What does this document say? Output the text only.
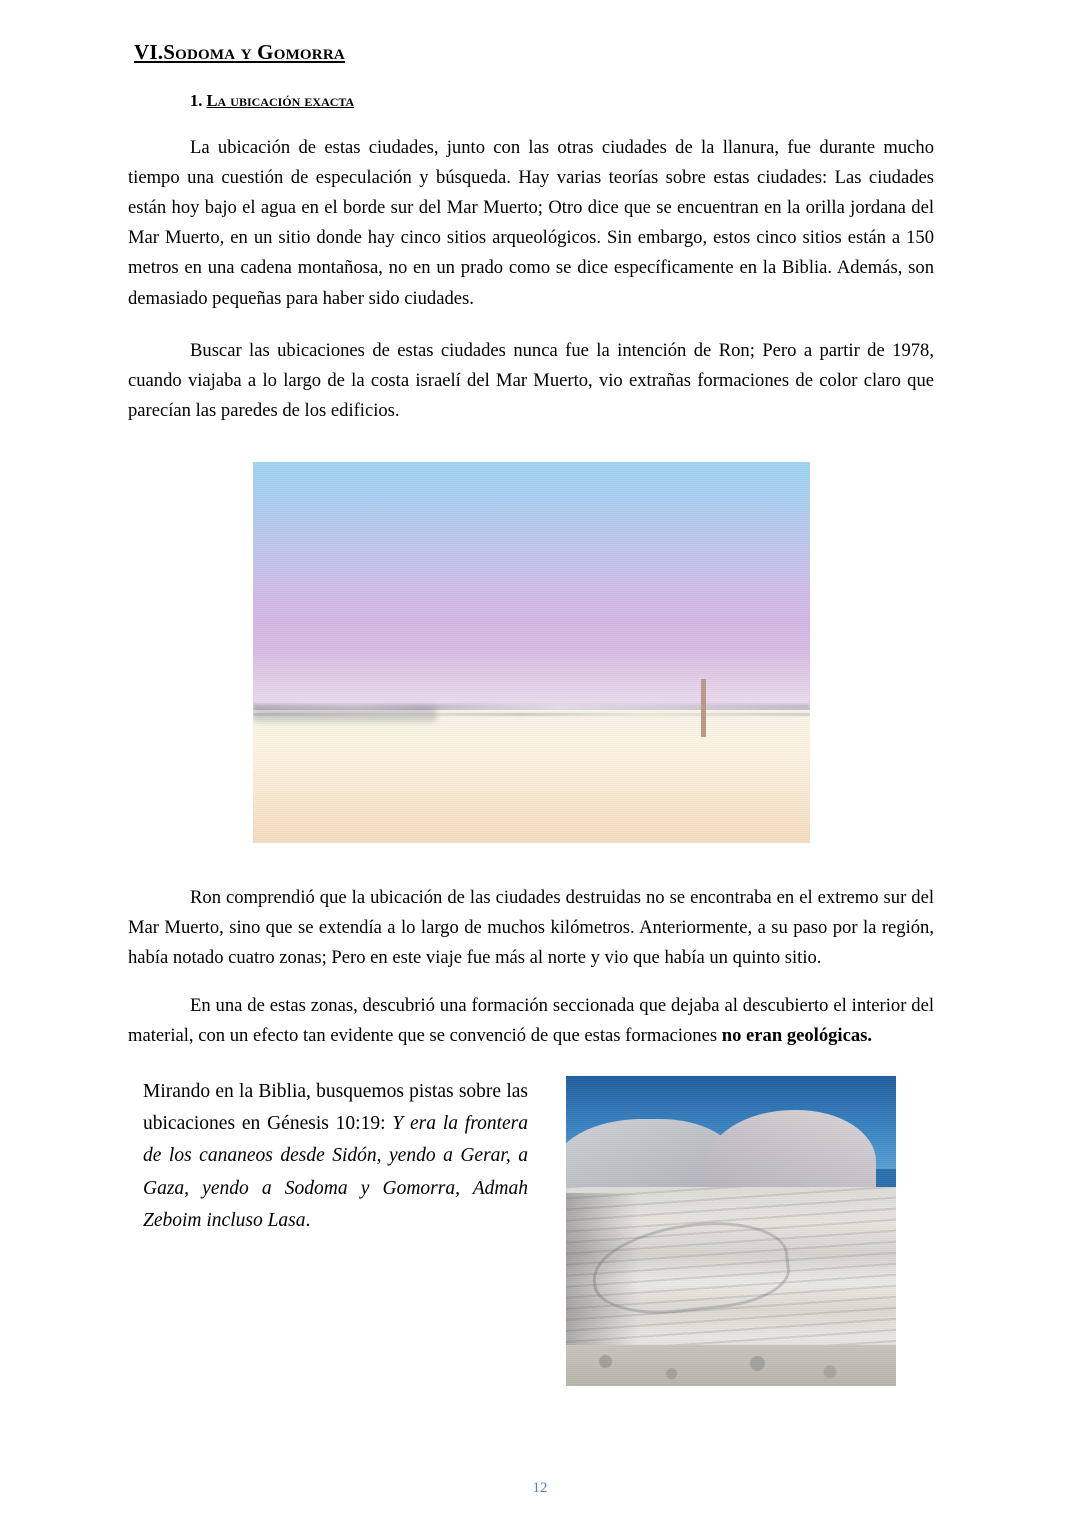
VI.Sodoma y Gomorra
1. La ubicación exacta

La ubicación de estas ciudades, junto con las otras ciudades de la llanura, fue durante mucho tiempo una cuestión de especulación y búsqueda. Hay varias teorías sobre estas ciudades: Las ciudades están hoy bajo el agua en el borde sur del Mar Muerto; Otro dice que se encuentran en la orilla jordana del Mar Muerto, en un sitio donde hay cinco sitios arqueológicos. Sin embargo, estos cinco sitios están a 150 metros en una cadena montañosa, no en un prado como se dice específicamente en la Biblia. Además, son demasiado pequeñas para haber sido ciudades.

Buscar las ubicaciones de estas ciudades nunca fue la intención de Ron; Pero a partir de 1978, cuando viajaba a lo largo de la costa israelí del Mar Muerto, vio extrañas formaciones de color claro que parecían las paredes de los edificios.

Ron comprendió que la ubicación de las ciudades destruidas no se encontraba en el extremo sur del Mar Muerto, sino que se extendía a lo largo de muchos kilómetros. Anteriormente, a su paso por la región, había notado cuatro zonas; Pero en este viaje fue más al norte y vio que había un quinto sitio.

En una de estas zonas, descubrió una formación seccionada que dejaba al descubierto el interior del material, con un efecto tan evidente que se convenció de que estas formaciones no eran geológicas.

Mirando en la Biblia, busquemos pistas sobre las ubicaciones en Génesis 10:19: Y era la frontera de los cananeos desde Sidón, yendo a Gerar, a Gaza, yendo a Sodoma y Gomorra, Admah Zeboim incluso Lasa.

12
